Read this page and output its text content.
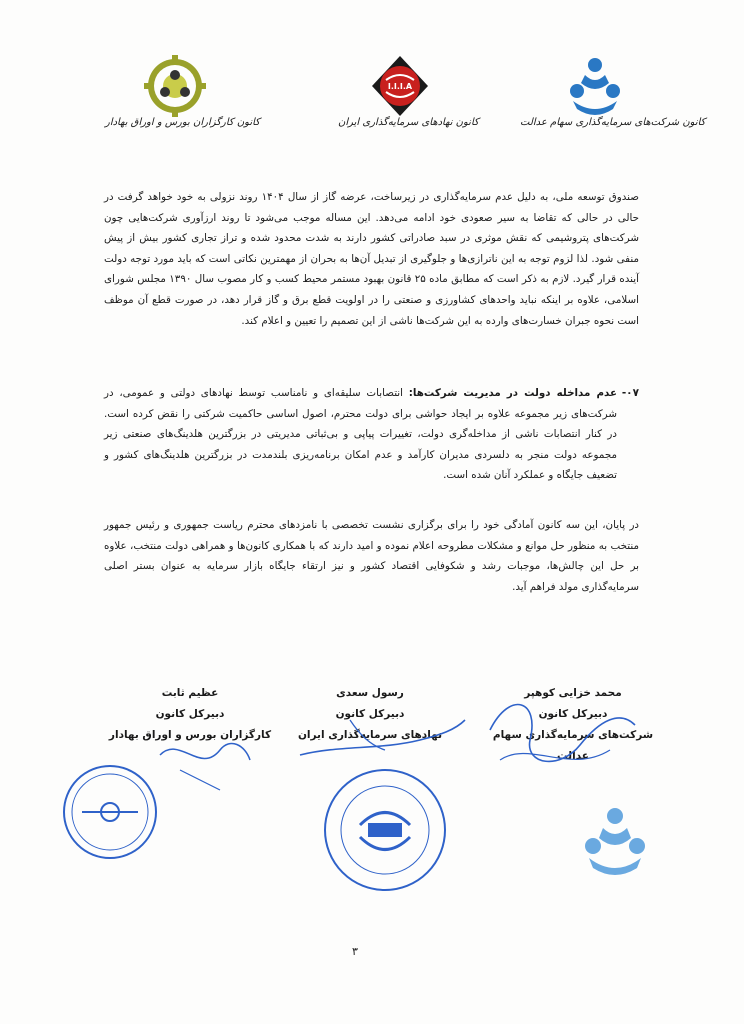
کانون کارگزاران بورس و اوراق بهادار
I.I.I.A
کانون نهادهای سرمایه‌گذاری ایران	کانون شرکت‌های سرمایه‌گذاری سهام عدالت
صندوق توسعه ملی، به دلیل عدم سرمایه‌گذاری در زیرساخت، عرضه گاز از سال ۱۴۰۴ روند نزولی به خود خواهد گرفت در حالی در حالی که تقاضا به سیر صعودی خود ادامه می‌دهد. این مساله موجب می‌شود تا روند ارزآوری شرکت‌هایی چون شرکت‌های پتروشیمی که نقش موثری در سبد صادراتی کشور دارند به شدت محدود شده و تراز تجاری کشور بیش از پیش منفی شود. لذا لزوم توجه به این ناترازی‌ها و جلوگیری از تبدیل آن‌ها به بحران از مهمترین نکاتی است که باید مورد توجه دولت آینده قرار گیرد. لازم به ذکر است که مطابق ماده ۲۵ قانون بهبود مستمر محیط کسب و کار مصوب سال ۱۳۹۰ مجلس شورای اسلامی، علاوه بر اینکه نباید واحدهای کشاورزی و صنعتی را در اولویت قطع برق و گاز قرار دهد، در صورت قطع آن موظف است نحوه جبران خسارت‌های وارده به این شرکت‌ها ناشی از این تصمیم را تعیین و اعلام کند.
۰۷-
عدم مداخله دولت در مدیریت شرکت‌ها: انتصابات سلیقه‌ای و نامناسب توسط نهادهای دولتی و عمومی، در شرکت‌های زیر مجموعه علاوه بر ایجاد حواشی برای دولت محترم، اصول اساسی حاکمیت شرکتی را نقض کرده است. در کنار انتصابات ناشی از مداخله‌گری دولت، تغییرات پیاپی و بی‌ثباتی مدیریتی در بزرگترین هلدینگ‌های صنعتی زیر مجموعه دولت منجر به دلسردی مدیران کارآمد و عدم امکان برنامه‌ریزی بلندمدت در بزرگترین هلدینگ‌های کشور و تضعیف جایگاه و عملکرد آنان شده است.
در پایان، این سه کانون آمادگی خود را برای برگزاری نشست تخصصی با نامزدهای محترم ریاست جمهوری و رئیس جمهور منتخب به منظور حل موانع و مشکلات مطروحه اعلام نموده و امید دارند که با همکاری کانون‌ها و همراهی دولت منتخب، علاوه بر حل این چالش‌ها، موجبات رشد و شکوفایی اقتصاد کشور و نیز ارتقاء جایگاه بازار سرمایه به عنوان بستر اصلی سرمایه‌گذاری مولد فراهم آید.
محمد خزایی کوهپر
دبیرکل کانون
شرکت‌های سرمایه‌گذاری سهام عدالت
رسول سعدی
دبیرکل کانون
نهادهای سرمایه‌گذاری ایران
عظیم ثابت
دبیرکل کانون
کارگزاران بورس و اوراق بهادار
۳
